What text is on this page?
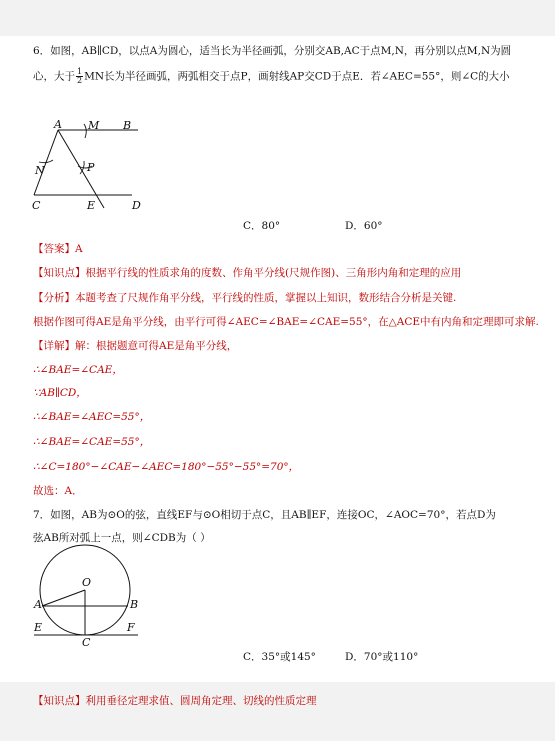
6．如图，AB∥CD，以点A为圆心，适当长为半径画弧，分别交AB,AC于点M,N，再分别以点M,N为圆
心，大于 $\frac{1}{2}$ MN长为半径画弧，两弧相交于点P，画射线AP交CD于点E．若∠AEC=55°，则∠C的大小
A M B
N	P
C	E	D
C．80°	D．60°
【答案】A
【知识点】根据平行线的性质求角的度数、作角平分线(尺规作图)、三角形内角和定理的应用
【分析】本题考查了尺规作角平分线，平行线的性质，掌握以上知识，数形结合分析是关键.
根据作图可得AE是角平分线，由平行可得∠AEC=∠BAE=∠CAE=55°，在△ACE中有内角和定理即可求解.
【详解】解：根据题意可得AE是角平分线，
∴∠BAE=∠CAE，
∵AB∥CD，
∴∠BAE=∠AEC=55°，
∴∠BAE=∠CAE=55°，
∴∠C=180°−∠CAE−∠AEC=180°−55°−55°=70°，
故选：A．
7．如图，AB为⊙O的弦，直线EF与⊙O相切于点C，且AB∥EF，连接OC，∠AOC=70°，若点D为
弦AB所对弧上一点，则∠CDB为（ ）
O
A	B
E
C
F
C．35°或145°	D．70°或110°
【知识点】利用垂径定理求值、圆周角定理、切线的性质定理
